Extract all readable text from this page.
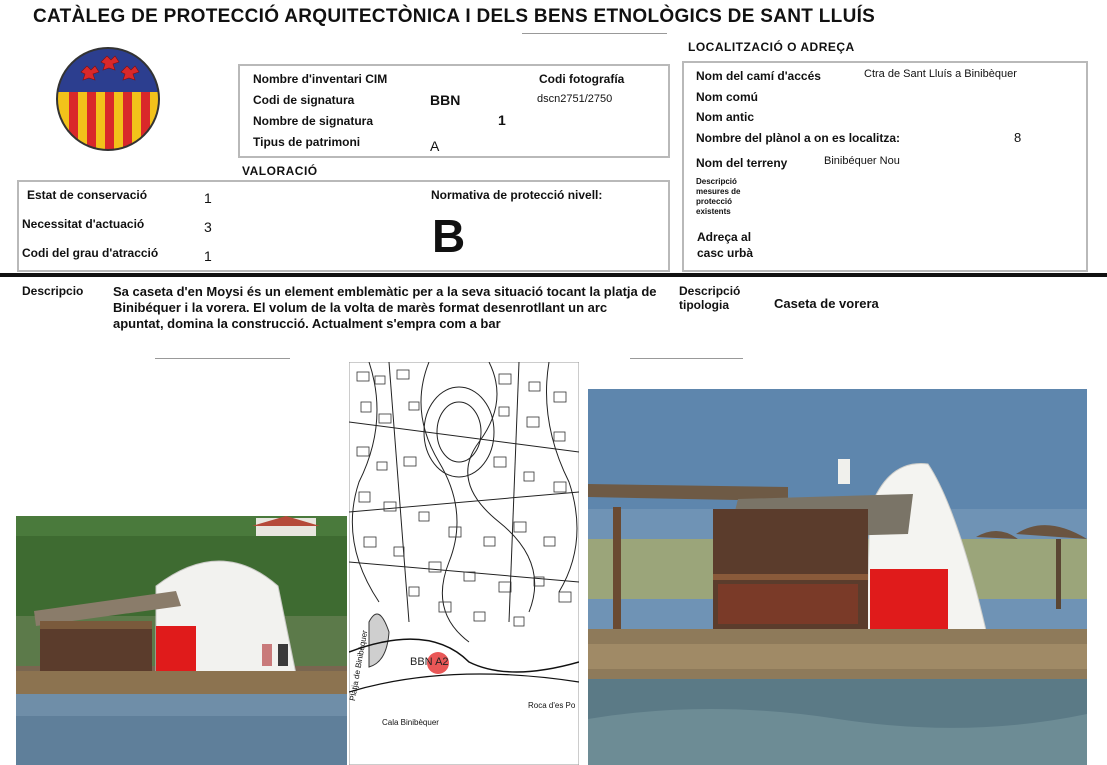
CATÀLEG DE PROTECCIÓ ARQUITECTÒNICA I DELS BENS ETNOLÒGICS DE SANT LLUÍS
Nombre d'inventari CIM
Codi de signatura	BBN
Nombre de signatura	1
Tipus de patrimoni	A
Codi fotografía
dscn2751/2750
LOCALITZACIÓ O ADREÇA
Nom del camí d'accés	Ctra de Sant Lluís a Binibèquer
Nom comú
Nom antic
Nombre del plànol a on es localitza:	8
Nom del terreny	Binibéquer Nou
Descripció
mesures de
protecció
existents
Adreça al
casc urbà
VALORACIÓ
Estat de conservació	1
Necessitat d'actuació	3
Codi del grau d'atracció	1
Normativa de protecció nivell:
B
Descripcio Sa caseta d'en Moysi és un element emblemàtic per a la seva situació tocant la platja de Binibéquer i la vorera. El volum de la volta de marès format desenrotllant un arc apuntat, domina la construcció. Actualment s'empra com a bar
Descripció
tipologia	Caseta de vorera
BBN A2
Platja de Binibèquer
Cala Binibèquer
Roca d'es Po
